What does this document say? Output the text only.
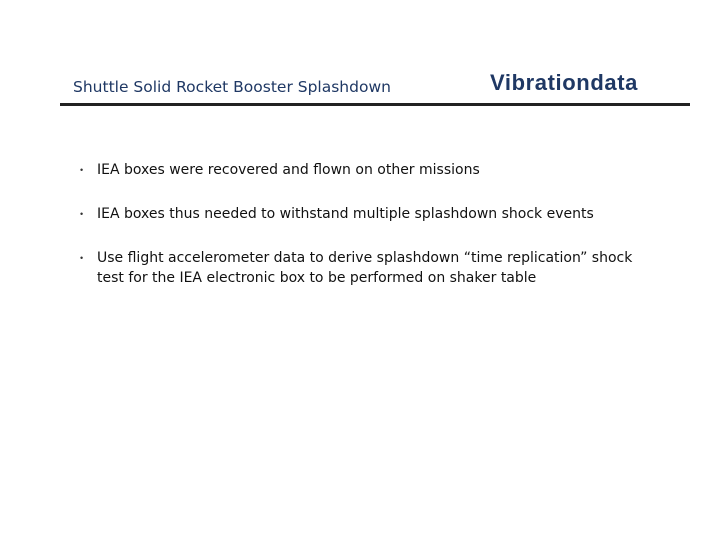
Shuttle Solid Rocket Booster Splashdown	Vibrationdata
• IEA boxes were recovered and flown on other missions
• IEA boxes thus needed to withstand multiple splashdown shock events
• Use flight accelerometer data to derive splashdown “time replication” shock test for the IEA electronic box to be performed on shaker table
